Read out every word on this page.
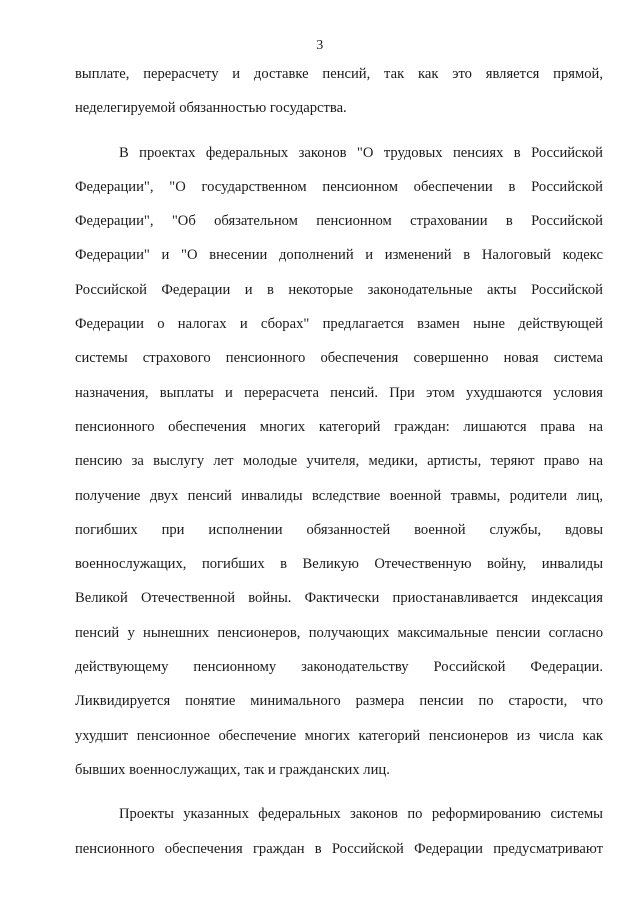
3
выплате, перерасчету и доставке пенсий, так как это является прямой,
неделегируемой обязанностью государства.
В проектах федеральных законов "О трудовых пенсиях в Российской
Федерации", "О государственном пенсионном обеспечении в Российской
Федерации", "Об обязательном пенсионном страховании в Российской
Федерации" и "О внесении дополнений и изменений в Налоговый кодекс
Российской Федерации и в некоторые законодательные акты Российской
Федерации о налогах и сборах" предлагается взамен ныне действующей
системы страхового пенсионного обеспечения совершенно новая система
назначения, выплаты и перерасчета пенсий. При этом ухудшаются условия
пенсионного обеспечения многих категорий граждан: лишаются права на
пенсию за выслугу лет молодые учителя, медики, артисты, теряют право на
получение двух пенсий инвалиды вследствие военной травмы, родители лиц,
погибших при исполнении обязанностей военной службы, вдовы
военнослужащих, погибших в Великую Отечественную войну, инвалиды
Великой Отечественной войны. Фактически приостанавливается индексация
пенсий у нынешних пенсионеров, получающих максимальные пенсии согласно
действующему пенсионному законодательству Российской Федерации.
Ликвидируется понятие минимального размера пенсии по старости, что
ухудшит пенсионное обеспечение многих категорий пенсионеров из числа как
бывших военнослужащих, так и гражданских лиц.
Проекты указанных федеральных законов по реформированию системы
пенсионного обеспечения граждан в Российской Федерации предусматривают
